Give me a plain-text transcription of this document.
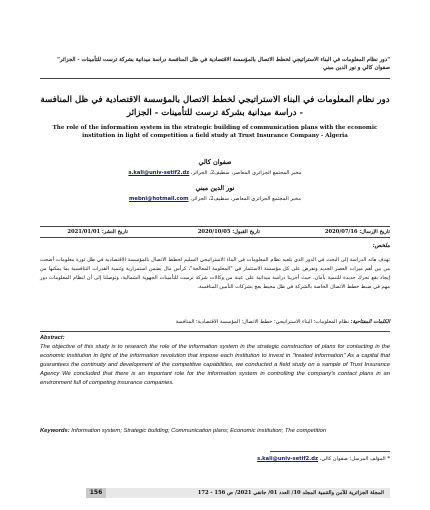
"دور نظام المعلومات في البناء الاستراتيجي لخطط الاتصال بالمؤسسة الاقتصادية في ظل المنافسة دراسة ميدانية بشركة ترست للتأمينات - الجزائر" صفوان كالي و نور الدين مبني
دور نظام المعلومات في البناء الاستراتيجي لخطط الاتصال بالمؤسسة الاقتصادية في ظل المنافسة - دراسة ميدانية بشركة ترست للتأمينات - الجزائر
The role of the information system in the strategic building of communication plans with the economic institution in light of competition a field study at Trust Insurance Company - Algeria
صفوان كالي
مخبر المجتمع الجزائري المعاصر، سطيف2، الجزائر، s.kali@univ-setif2.dz
نور الدين مبني
مخبر المجتمع الجزائري المعاصر، سطيف2، الجزائر، mebni@hotmail.com
تاريخ الإرسال: 2020/07/16
تاريخ القبول: 2020/10/05
تاريخ النشر: 2021/01/01
ملخص:
تهدف هاته الدراسة إلى البحث في الدور الذي يلعبه نظام المعلومات في البناء الاستراتيجي السليم لخطط الاتصال بالمؤسسة الاقتصادية في ظل ثورة معلومات أضحت من بين أهم ميزات العصر الجديد وتفرض على كل مؤسسة الاستثمار في "المعلومة المعالجة"، كرأس مال يضمن استمرارية وتنمية القدرات التنافسية بما يمكنها من إيجاد بقع تحرك جديدة للتنمية بأمان، حيث أجرينا دراسة ميدانية على عينة من وكالات شركة ترست للتأمينات الجهوية الشمالية، وتوصلنا إلى أن لنظام المعلومات دور مهم في ضبط خطط الاتصال الخاصة بالشركة في ظل محيط يعج بشركات التأمين المنافسة.
الكلمات المفتاحية: نظام المعلومات؛ البناء الاستراتيجي؛ خطط الاتصال؛ المؤسسة الاقتصادية؛ المنافسة
Abstract:
The objective of this study is to research the role of the information system in the strategic construction of plans for contacting in the economic institution in light of the information revolution that impose each institution to invest in "treated information" As a capital that guarantees the continuity and development of the competitive capabilities, we conducted a field study on a sample of Trust Insurance Agency We concluded that there is an important role for the information system in controlling the company's contact plans in an environment full of competing insurance companies.
Keywords: Information system; Strategic building; Communication plans; Economic institution; The competition
* المؤلف المرسل: صفوان كالي، s.kali@univ-setif2.dz
المجلة الجزائرية للأمن والتنمية المجلد 10/ العدد 01/ جانفي 2021/ ص 156 - 172
156
